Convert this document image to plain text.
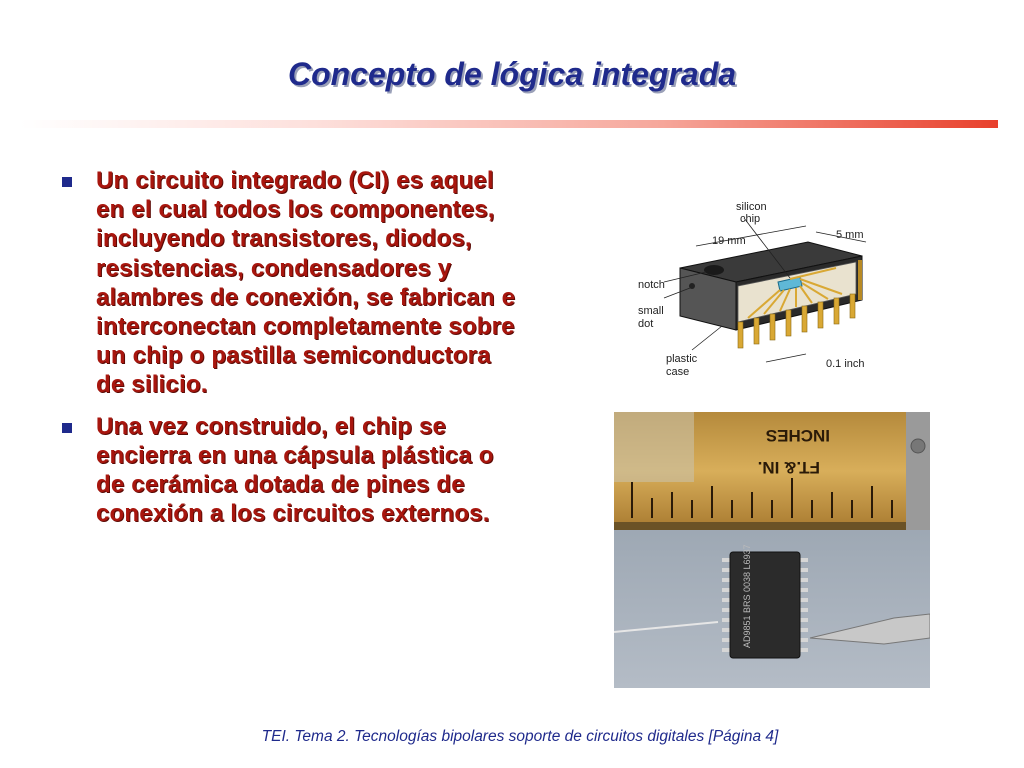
Concepto de lógica integrada
Un circuito integrado (CI) es aquel en el cual todos los componentes, incluyendo transistores, diodos, resistencias, condensadores y alambres de conexión, se fabrican e interconectan completamente sobre un chip o pastilla semiconductora de silicio.
Una vez construido, el chip se encierra en una cápsula plástica o de cerámica dotada de pines de conexión a los circuitos externos.
silicon
chip
19 mm	5 mm
notch
small
dot
plastic
case
0.1 inch
INCHES
FT.& IN.
AD9851 BRS 0038 L6937

TEI. Tema 2. Tecnologías bipolares soporte de circuitos digitales [Página 4]
